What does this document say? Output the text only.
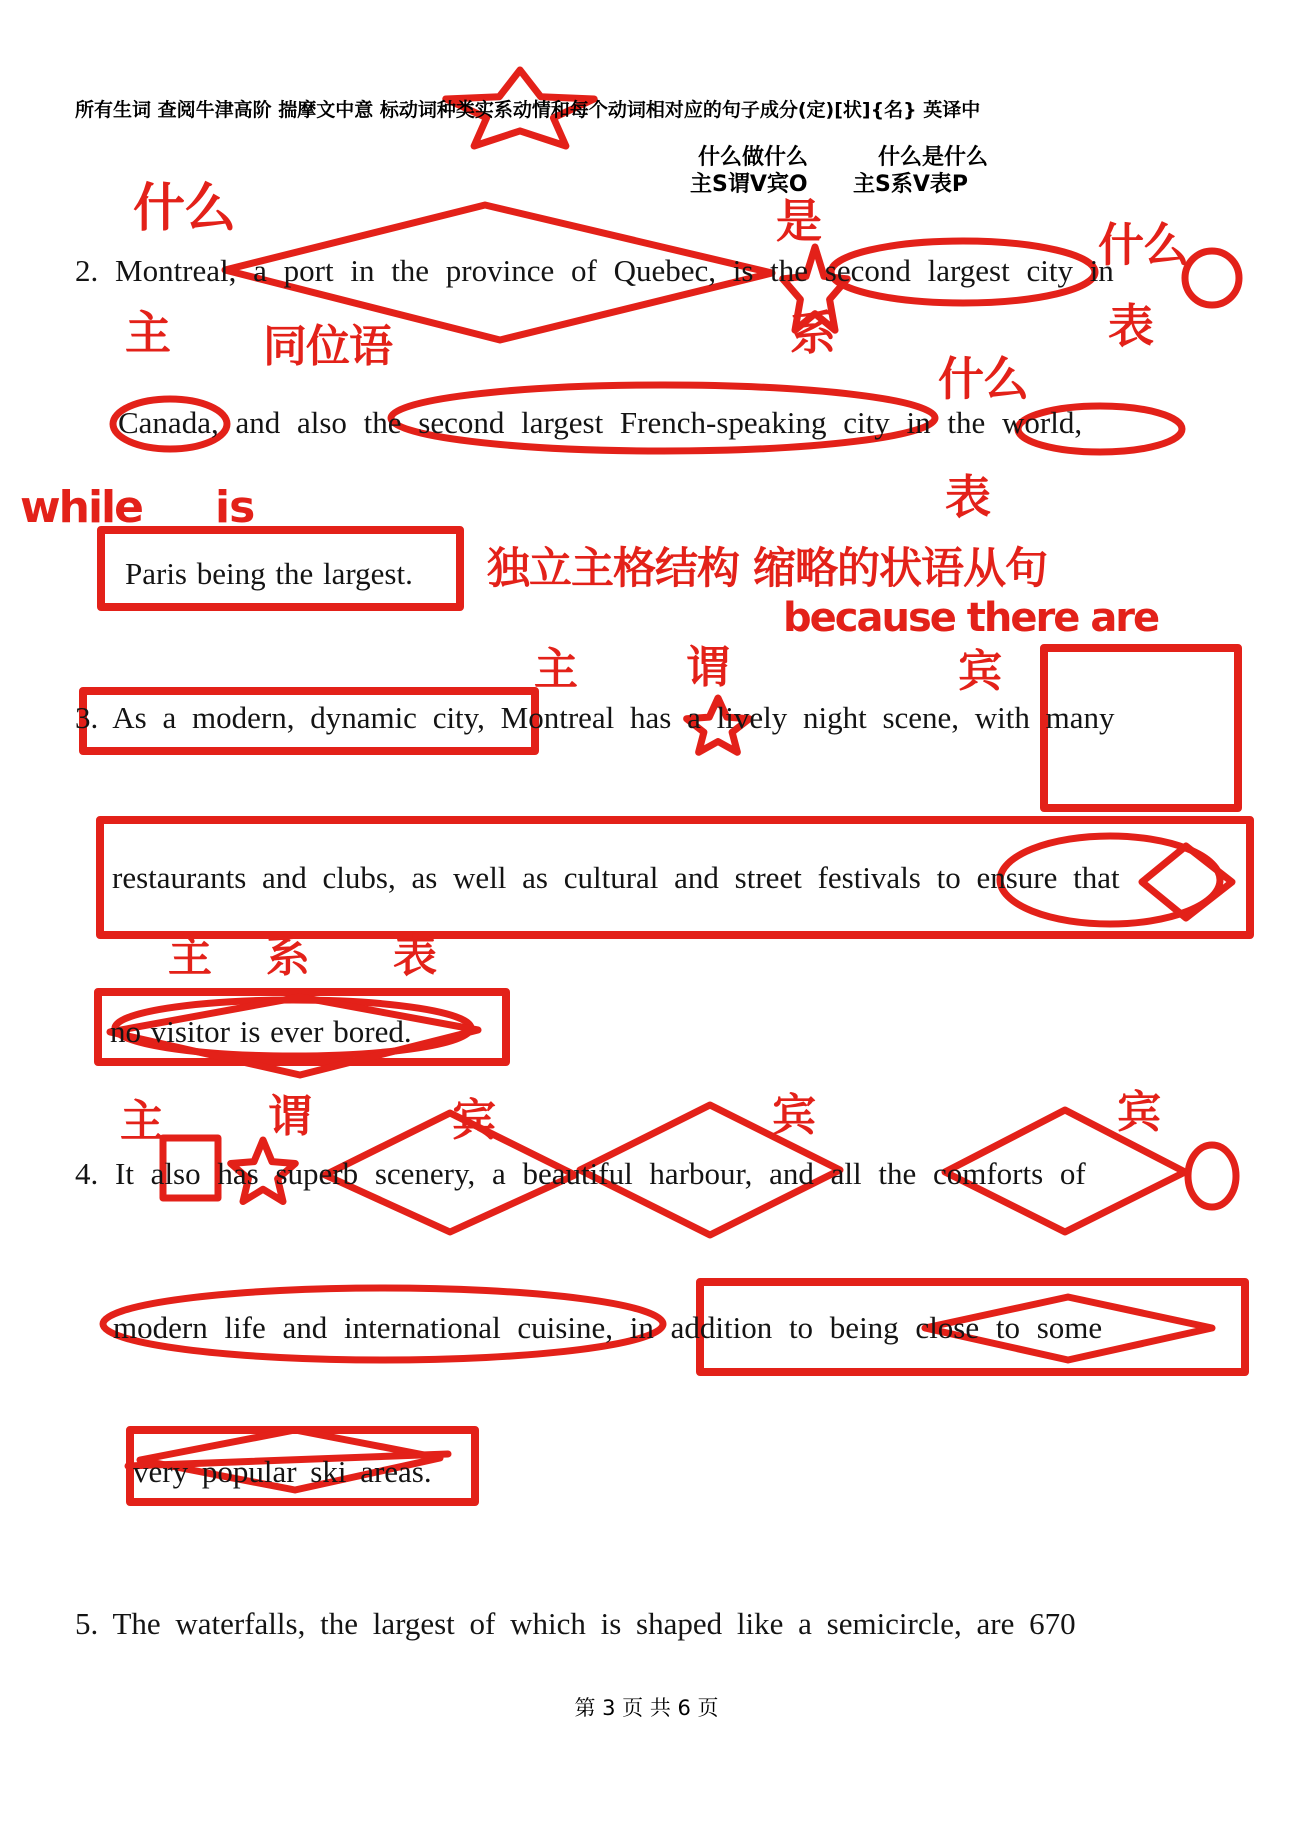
所有生词 查阅牛津高阶 揣摩文中意 标动词种类实系动情和每个动词相对应的句子成分(定)[状]{名} 英译中
什么做什么	什么是什么
主S谓V宾O 主S系V表P
2. Montreal, a port in the province of Quebec, is the second largest city in
Canada, and also the second largest French-speaking city in the world,
Paris being the largest.
3. As a modern, dynamic city, Montreal has a lively night scene, with many
restaurants and clubs, as well as cultural and street festivals to ensure that
no visitor is ever bored.
4. It also has superb scenery, a beautiful harbour, and all the comforts of
modern life and international cuisine, in addition to being close to some
very popular ski areas.
5. The waterfalls, the largest of which is shaped like a semicircle, are 670
什么	是	什么
主 同位语	系	表
什么
表
while is
独立主格结构 缩略的状语从句
because there are
主 谓	宾
主 系 表
主 谓	宾	宾	宾
第 3 页 共 6 页
